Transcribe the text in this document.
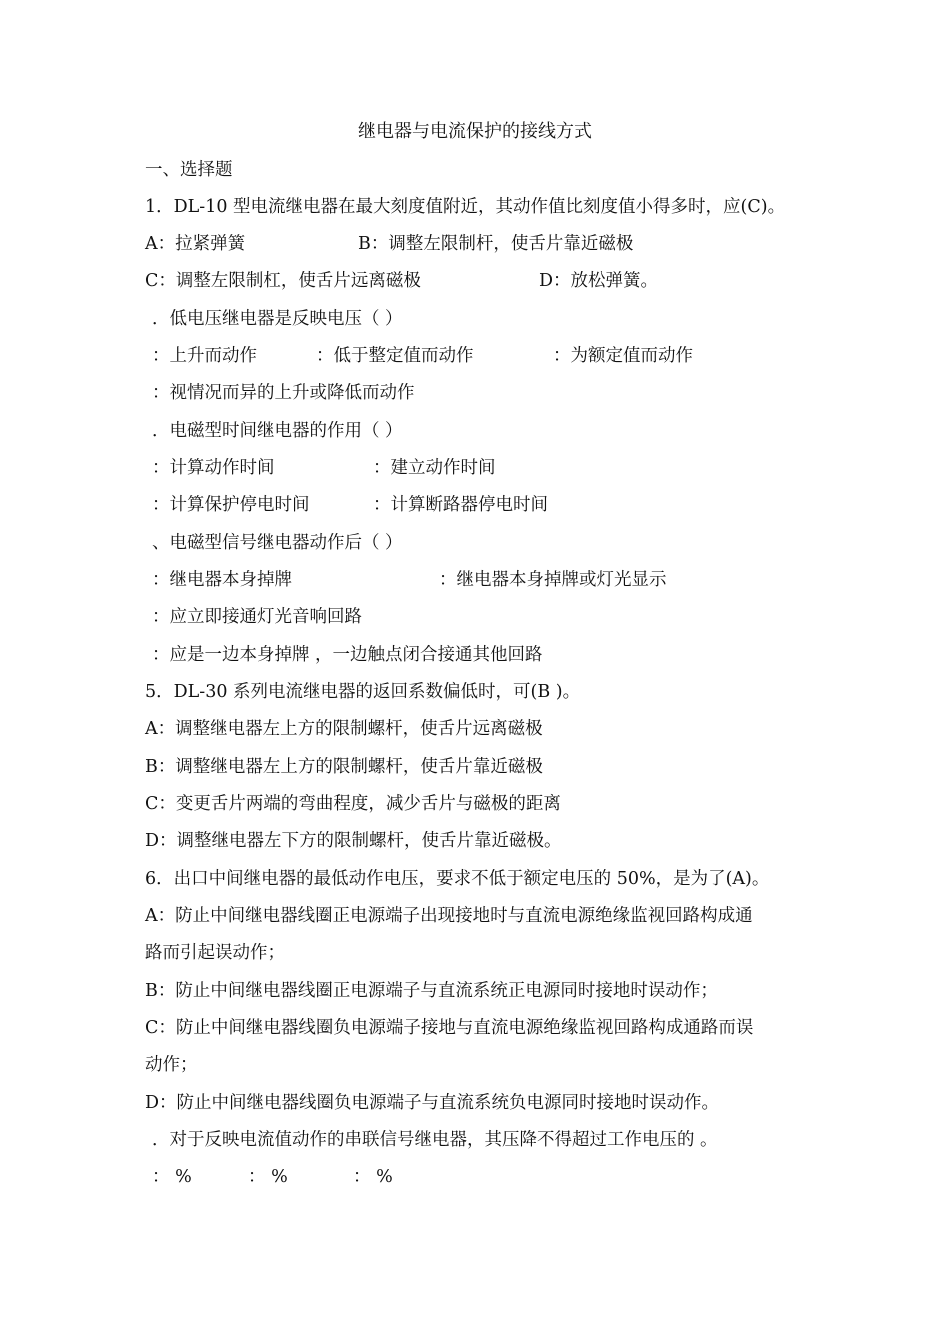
继电器与电流保护的接线方式
一、选择题
1．DL-10 型电流继电器在最大刻度值附近，其动作值比刻度值小得多时，应(C)。
A：拉紧弹簧	B：调整左限制杆，使舌片靠近磁极
C：调整左限制杠，使舌片远离磁极	D：放松弹簧。
．低电压继电器是反映电压（ ）
：上升而动作	：低于整定值而动作	：为额定值而动作
：视情况而异的上升或降低而动作
．电磁型时间继电器的作用（ ）
：计算动作时间	：建立动作时间
：计算保护停电时间	：计算断路器停电时间
、电磁型信号继电器动作后（ ）
：继电器本身掉牌	：继电器本身掉牌或灯光显示
：应立即接通灯光音响回路
：应是一边本身掉牌 ，一边触点闭合接通其他回路
5．DL-30 系列电流继电器的返回系数偏低时，可(B )。
A：调整继电器左上方的限制螺杆，使舌片远离磁极
B：调整继电器左上方的限制螺杆，使舌片靠近磁极
C：变更舌片两端的弯曲程度，减少舌片与磁极的距离
D：调整继电器左下方的限制螺杆，使舌片靠近磁极。
6．出口中间继电器的最低动作电压，要求不低于额定电压的 50%，是为了(A)。
A：防止中间继电器线圈正电源端子出现接地时与直流电源绝缘监视回路构成通
路而引起误动作；
B：防止中间继电器线圈正电源端子与直流系统正电源同时接地时误动作；
C：防止中间继电器线圈负电源端子接地与直流电源绝缘监视回路构成通路而误
动作；
D：防止中间继电器线圈负电源端子与直流系统负电源同时接地时误动作。
．对于反映电流值动作的串联信号继电器，其压降不得超过工作电压的 。
： %	： %	： %
